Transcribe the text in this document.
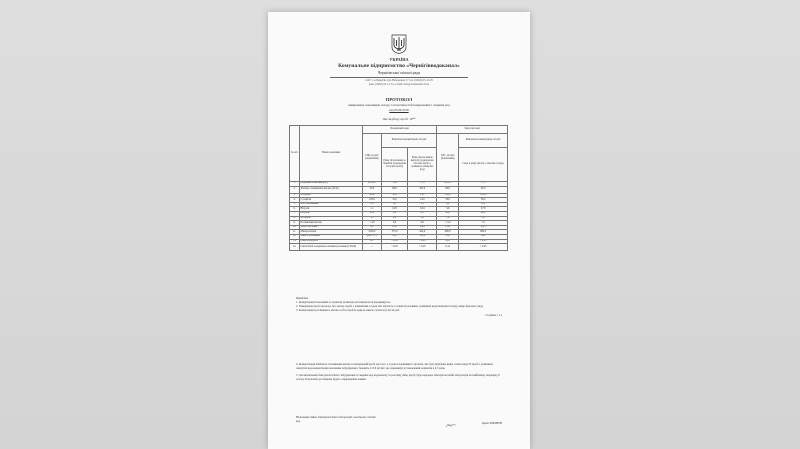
УКРАЇНА
Комунальне підприємство «Чернігівводоканал»
Чернігівської міської ради
14017, м.Чернігів, вул.Набережна 17 тел. (0462) 65-12-05
факс (0462) 65-12-55, e-mail: info@vodokanal.ch.ua
ПРОТОКОЛ
вимірювань показників складу та властивостей поверхневих і скидних вод
від 05.09.2018
Час відбору проб: 10⁰⁰
№ п/п	Назва показника	Поверхневі води			Зворотні води	
		ГДК, мг/дм³ (нормативи)	Фактична концентрація, мг/дм³		ГДС, мг/дм³ (нормативи)	Фактична концентрація, мг/дм³
			Річка Десна вище м. Чернігів (одноразова поточна проба)	Річка Десна нижче випуску (одноразова поточна проба з домішкою скинутих вод)		Скид в річку Десну з очисних споруд
1.	Водневий показник (рН)	6,5-8,5	7,82	7,79	6,5-8,5	7,75
2.	Хімічне споживання кисню (ХСК)	30,0	86,0	105,0	80,0	65,0
3.	Хлориди	300,0	10,5	15,1	150,0	121,0
4.	Сульфати	100,0	10,0	14,0	50,0	38,0
5.	Азот амонійний	2,0	0,3	0,3	6,9	0,2
6.	Нітрати	1,1	0,03	0,04	3,6	0,78
7.	Нітрати	45,0	0,8	0,5	45,0	40,0
8.	Фосфати	3,5	0,0	1,0	7,4	5,0
9.	Розчинений кисень	> 4,0	6,0	6,0	> 4,0	7,5
10.	Залізо загальне	0,1	0,05	0,04	0,32	0,25
11.	Мінералізація	1000,0	375,0	424,0	690,0	680,0
12.	Завислі речовини	фон+0,75	22,0	152,0	15,0	14,0
13.	Нафтопродукти	0,1	< 0,05	< 0,05	0,05	< 0,05
14.	Синтетичні поверхнево-активні речовини (СПАР)	—	< 0,05	< 0,05	0,14	< 0,05

Примітки:

1. Концентрації показників за пунктом зупинено регламентом не перевищують.

2. Поверхнева проба прозора, без запаху, проба з домішками осадом має мутність та завислі речовини, домішкові води поверхні складу, вище фонового ряду.

3. Концентрації розчиненого кисню в обох пробах води не нижче сутніх вод 4,0 мг/дм³

Сторінка 1 з 2

4. Концентрація хімічного споживання кисню в поверхневій пробі зросла в 1,1 рази в порівнянні з пробою, яка була відібрана вище точки скиду. В пробі з домішкою скинутих вод концентрація показника забруднення становить 115,0 мг/дм³, що перевищує встановлений норматив в 4,5 рази.

5. Для визначення бактеріологічного забруднення зі скидних вод водоканалу за розгляду змін, пробу буде передано бактеріологічній лабораторії на найближчу перевірку 6 сезону. Результати досліджень будуть оприлюднені наявно.

Начальник хіміко-бактеріологічної лабораторії з контролю стічних вод
Ірина ЗОРОНЕН
